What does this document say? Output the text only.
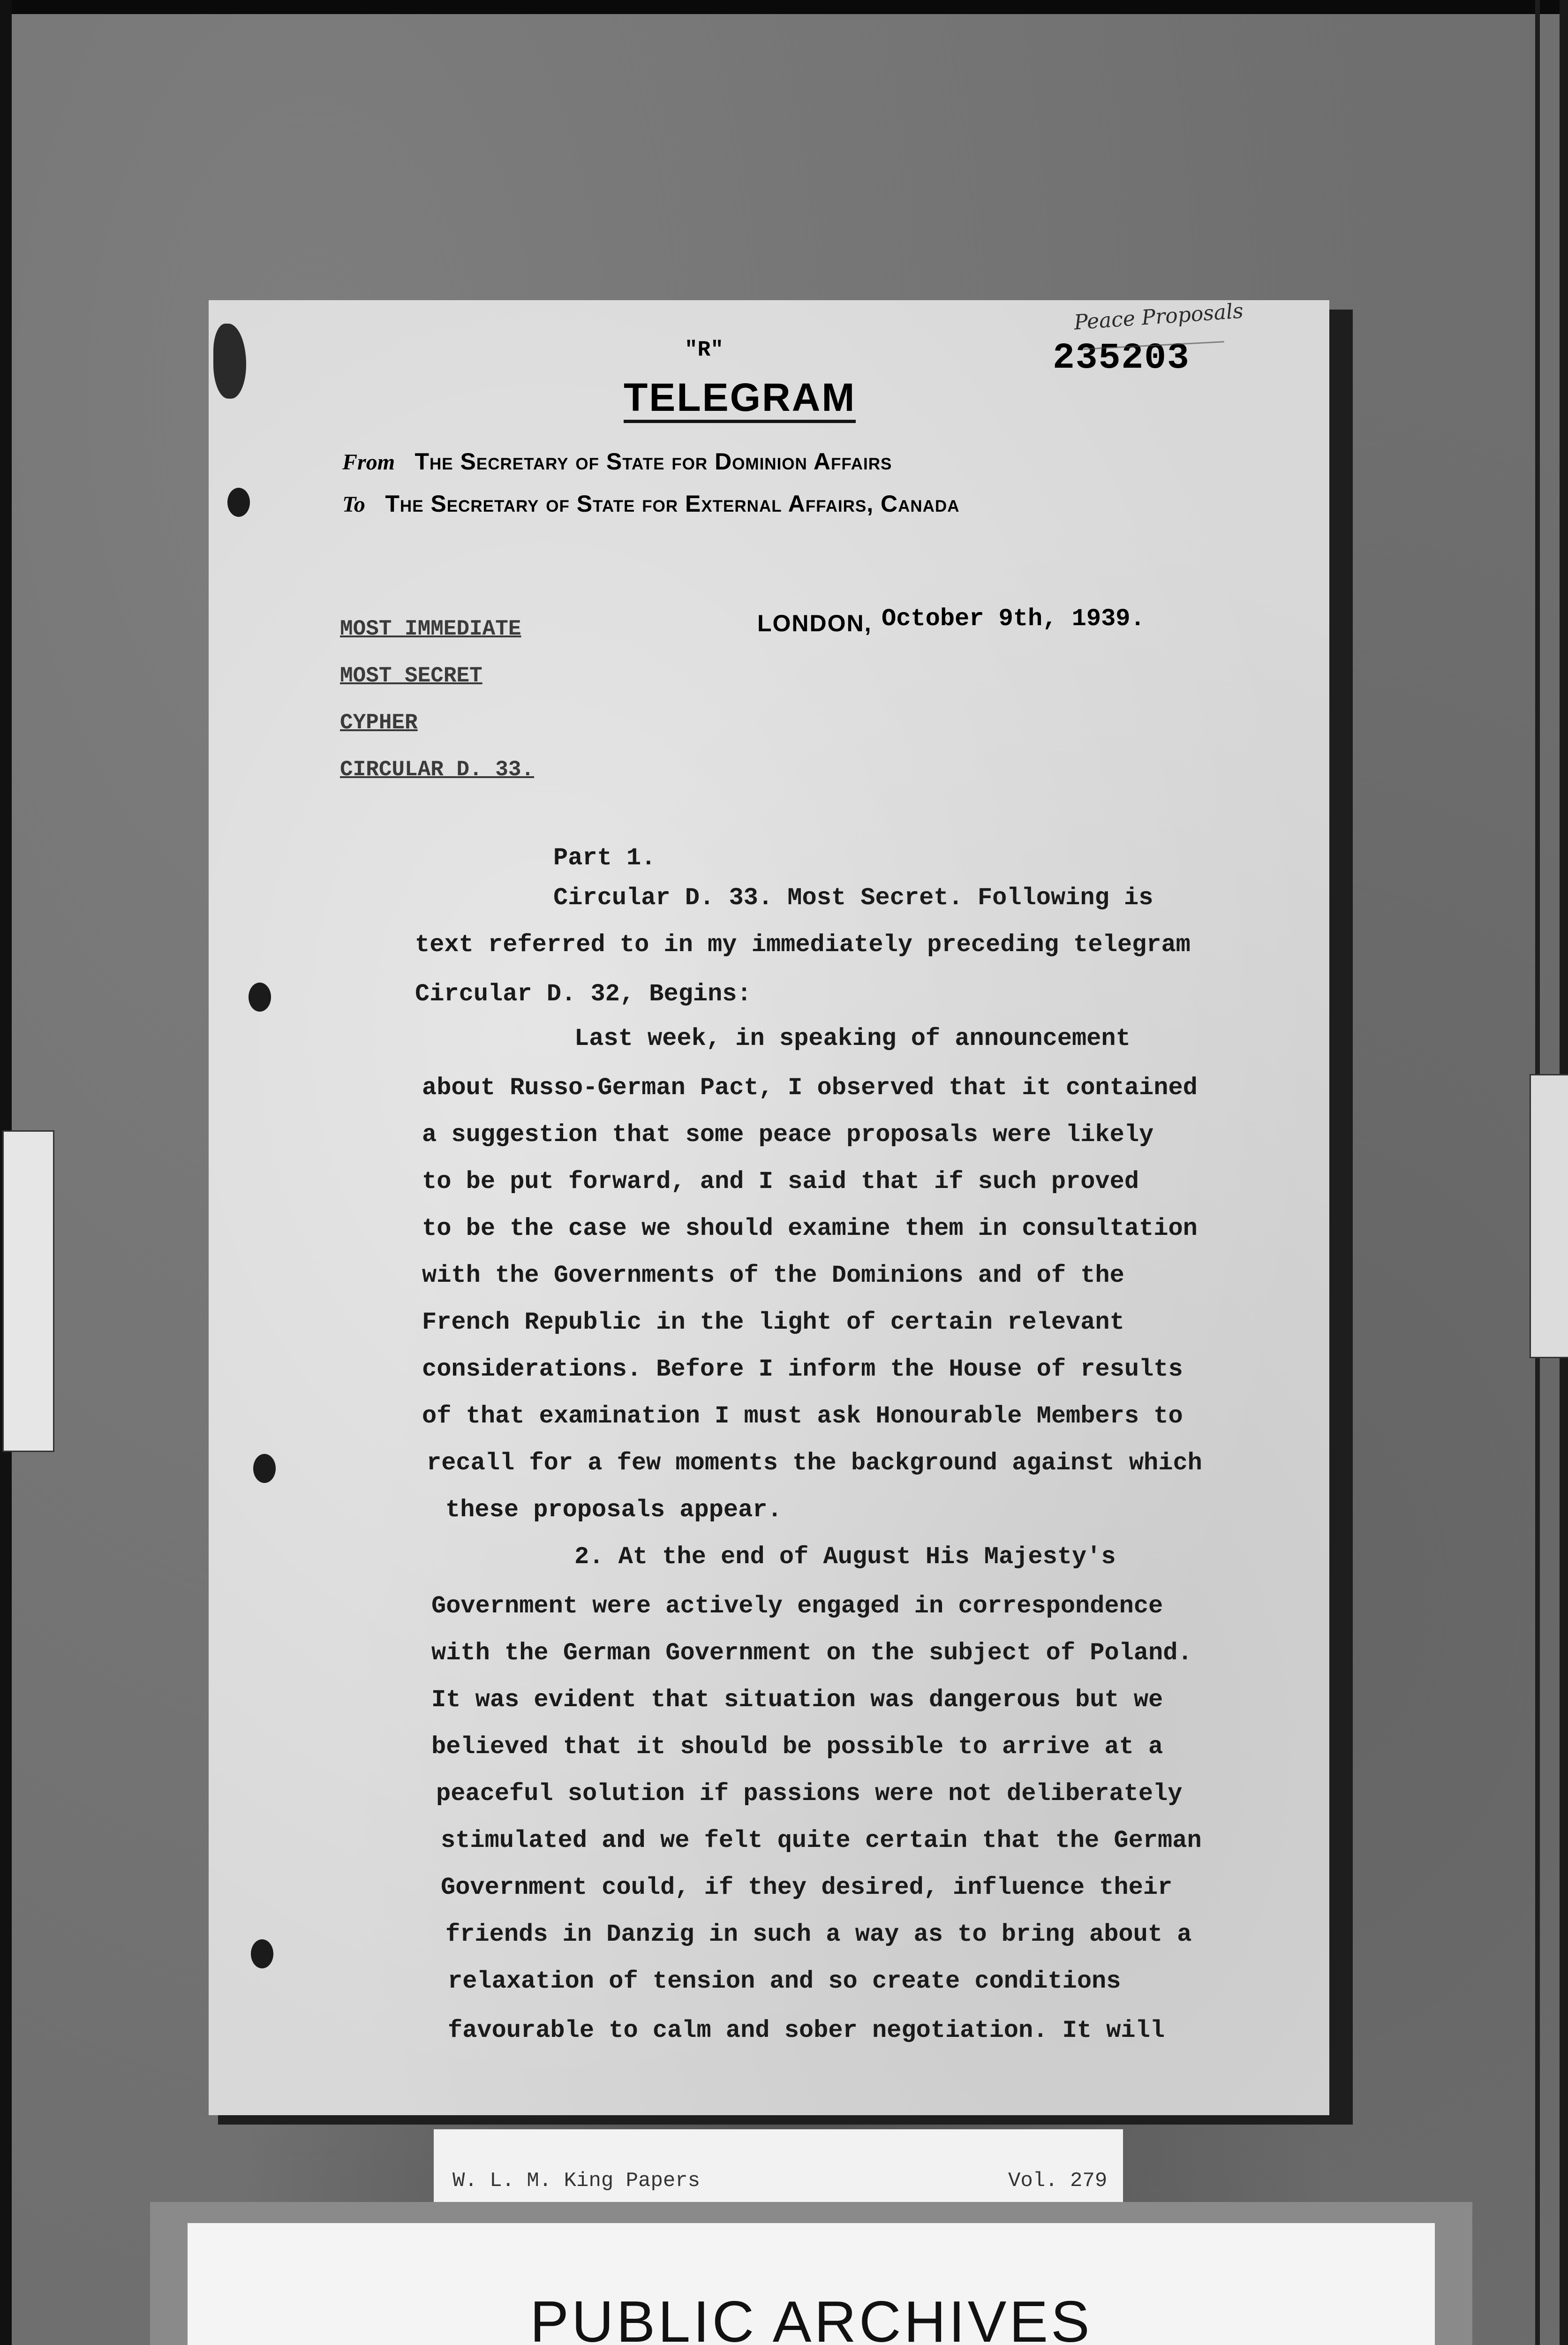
"R"	235203
Peace Proposals
TELEGRAM
From The Secretary of State for Dominion Affairs
To The Secretary of State for External Affairs, Canada
LONDON, October 9th, 1939.
MOST IMMEDIATE
MOST SECRET
CYPHER
CIRCULAR D. 33.
Part 1.
Circular D. 33. Most Secret. Following is
text referred to in my immediately preceding telegram
Circular D. 32, Begins:
Last week, in speaking of announcement
about Russo-German Pact, I observed that it contained
a suggestion that some peace proposals were likely
to be put forward, and I said that if such proved
to be the case we should examine them in consultation
with the Governments of the Dominions and of the
French Republic in the light of certain relevant
considerations. Before I inform the House of results
of that examination I must ask Honourable Members to
recall for a few moments the background against which
these proposals appear.
2. At the end of August His Majesty's
Government were actively engaged in correspondence
with the German Government on the subject of Poland.
It was evident that situation was dangerous but we
believed that it should be possible to arrive at a
peaceful solution if passions were not deliberately
stimulated and we felt quite certain that the German
Government could, if they desired, influence their
friends in Danzig in such a way as to bring about a
relaxation of tension and so create conditions
favourable to calm and sober negotiation. It will
W. L. M. King Papers	Vol. 279
PUBLIC ARCHIVES
